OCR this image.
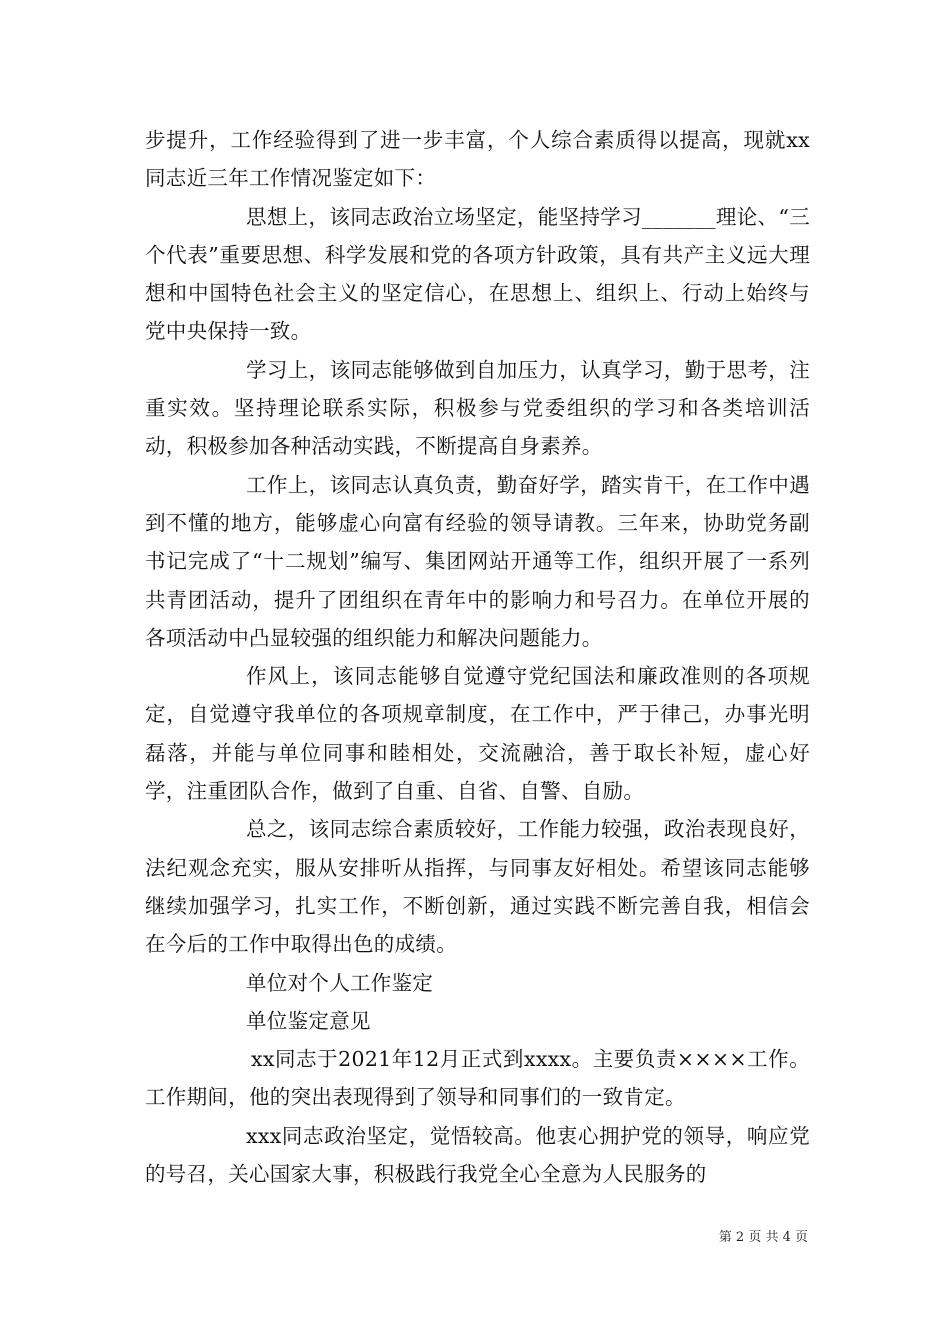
步提升，工作经验得到了进一步丰富，个人综合素质得以提高，现就xx同志近三年工作情况鉴定如下：

思想上，该同志政治立场坚定，能坚持学习_______理论、“三个代表”重要思想、科学发展和党的各项方针政策，具有共产主义远大理想和中国特色社会主义的坚定信心，在思想上、组织上、行动上始终与党中央保持一致。

学习上，该同志能够做到自加压力，认真学习，勤于思考，注重实效。坚持理论联系实际，积极参与党委组织的学习和各类培训活动，积极参加各种活动实践，不断提高自身素养。

工作上，该同志认真负责，勤奋好学，踏实肯干，在工作中遇到不懂的地方，能够虚心向富有经验的领导请教。三年来，协助党务副书记完成了“十二规划”编写、集团网站开通等工作，组织开展了一系列共青团活动，提升了团组织在青年中的影响力和号召力。在单位开展的各项活动中凸显较强的组织能力和解决问题能力。

作风上，该同志能够自觉遵守党纪国法和廉政准则的各项规定，自觉遵守我单位的各项规章制度，在工作中，严于律己，办事光明磊落，并能与单位同事和睦相处，交流融洽，善于取长补短，虚心好学，注重团队合作，做到了自重、自省、自警、自励。

总之，该同志综合素质较好，工作能力较强，政治表现良好，法纪观念充实，服从安排听从指挥，与同事友好相处。希望该同志能够继续加强学习，扎实工作，不断创新，通过实践不断完善自我，相信会在今后的工作中取得出色的成绩。

单位对个人工作鉴定

单位鉴定意见

xx同志于2021年12月正式到xxxx。主要负责××××工作。工作期间，他的突出表现得到了领导和同事们的一致肯定。

xxx同志政治坚定，觉悟较高。他衷心拥护党的领导，响应党的号召，关心国家大事，积极践行我党全心全意为人民服务的

第 2 页 共 4 页
